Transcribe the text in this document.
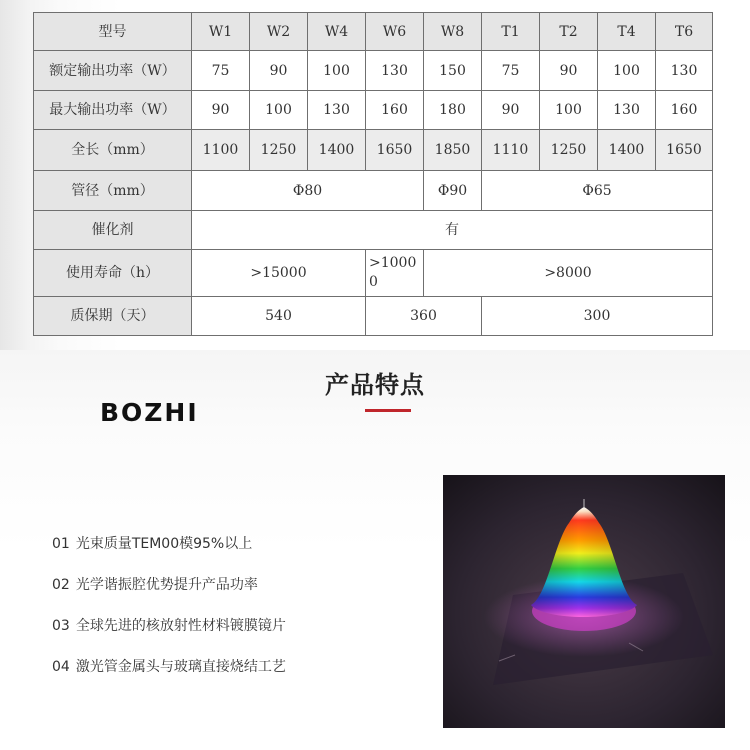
型号	W1	W2	W4	W6	W8	T1	T2	T4	T6
额定输出功率（W）	75	90	100	130	150	75	90	100	130
最大输出功率（W）	90	100	130	160	180	90	100	130	160
全长（mm）	1100	1250	1400	1650	1850	1110	1250	1400	1650
管径（mm）	Φ80				Φ90	Φ65			
催化剂	有								
使用寿命（h）	>15000			>10000	>8000				
质保期（天）	540			360		300			
产品特点
BOZHI
01 光束质量TEM00模95%以上
02 光学谐振腔优势提升产品功率
03 全球先进的核放射性材料镀膜镜片
04 激光管金属头与玻璃直接烧结工艺
